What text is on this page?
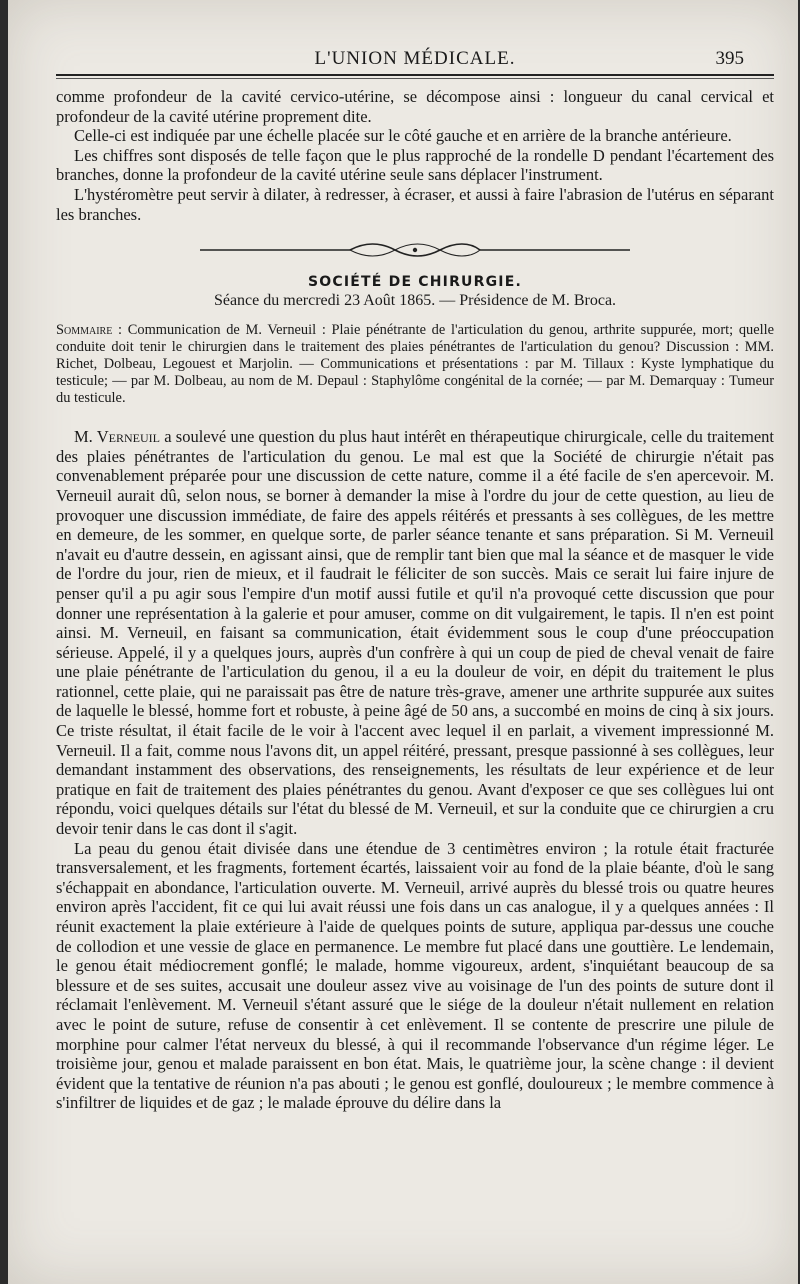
L'UNION MÉDICALE.	395

comme profondeur de la cavité cervico-utérine, se décompose ainsi : longueur du canal cervical et profondeur de la cavité utérine proprement dite.

Celle-ci est indiquée par une échelle placée sur le côté gauche et en arrière de la branche antérieure.

Les chiffres sont disposés de telle façon que le plus rapproché de la rondelle D pendant l'écartement des branches, donne la profondeur de la cavité utérine seule sans déplacer l'instrument.

L'hystéromètre peut servir à dilater, à redresser, à écraser, et aussi à faire l'abrasion de l'utérus en séparant les branches.

SOCIÉTÉ DE CHIRURGIE.

Séance du mercredi 23 Août 1865. — Présidence de M. Broca.

Sommaire : Communication de M. Verneuil : Plaie pénétrante de l'articulation du genou, arthrite suppurée, mort; quelle conduite doit tenir le chirurgien dans le traitement des plaies pénétrantes de l'articulation du genou? Discussion : MM. Richet, Dolbeau, Legouest et Marjolin. — Communications et présentations : par M. Tillaux : Kyste lymphatique du testicule; — par M. Dolbeau, au nom de M. Depaul : Staphylôme congénital de la cornée; — par M. Demarquay : Tumeur du testicule.

M. Verneuil a soulevé une question du plus haut intérêt en thérapeutique chirurgicale, celle du traitement des plaies pénétrantes de l'articulation du genou. Le mal est que la Société de chirurgie n'était pas convenablement préparée pour une discussion de cette nature, comme il a été facile de s'en apercevoir. M. Verneuil aurait dû, selon nous, se borner à demander la mise à l'ordre du jour de cette question, au lieu de provoquer une discussion immédiate, de faire des appels réitérés et pressants à ses collègues, de les mettre en demeure, de les sommer, en quelque sorte, de parler séance tenante et sans préparation. Si M. Verneuil n'avait eu d'autre dessein, en agissant ainsi, que de remplir tant bien que mal la séance et de masquer le vide de l'ordre du jour, rien de mieux, et il faudrait le féliciter de son succès. Mais ce serait lui faire injure de penser qu'il a pu agir sous l'empire d'un motif aussi futile et qu'il n'a provoqué cette discussion que pour donner une représentation à la galerie et pour amuser, comme on dit vulgairement, le tapis. Il n'en est point ainsi. M. Verneuil, en faisant sa communication, était évidemment sous le coup d'une préoccupation sérieuse. Appelé, il y a quelques jours, auprès d'un confrère à qui un coup de pied de cheval venait de faire une plaie pénétrante de l'articulation du genou, il a eu la douleur de voir, en dépit du traitement le plus rationnel, cette plaie, qui ne paraissait pas être de nature très-grave, amener une arthrite suppurée aux suites de laquelle le blessé, homme fort et robuste, à peine âgé de 50 ans, a succombé en moins de cinq à six jours. Ce triste résultat, il était facile de le voir à l'accent avec lequel il en parlait, a vivement impressionné M. Verneuil. Il a fait, comme nous l'avons dit, un appel réitéré, pressant, presque passionné à ses collègues, leur demandant instamment des observations, des renseignements, les résultats de leur expérience et de leur pratique en fait de traitement des plaies pénétrantes du genou. Avant d'exposer ce que ses collègues lui ont répondu, voici quelques détails sur l'état du blessé de M. Verneuil, et sur la conduite que ce chirurgien a cru devoir tenir dans le cas dont il s'agit.

La peau du genou était divisée dans une étendue de 3 centimètres environ ; la rotule était fracturée transversalement, et les fragments, fortement écartés, laissaient voir au fond de la plaie béante, d'où le sang s'échappait en abondance, l'articulation ouverte. M. Verneuil, arrivé auprès du blessé trois ou quatre heures environ après l'accident, fit ce qui lui avait réussi une fois dans un cas analogue, il y a quelques années : Il réunit exactement la plaie extérieure à l'aide de quelques points de suture, appliqua par-dessus une couche de collodion et une vessie de glace en permanence. Le membre fut placé dans une gouttière. Le lendemain, le genou était médiocrement gonflé; le malade, homme vigoureux, ardent, s'inquiétant beaucoup de sa blessure et de ses suites, accusait une douleur assez vive au voisinage de l'un des points de suture dont il réclamait l'enlèvement. M. Verneuil s'étant assuré que le siége de la douleur n'était nullement en relation avec le point de suture, refuse de consentir à cet enlèvement. Il se contente de prescrire une pilule de morphine pour calmer l'état nerveux du blessé, à qui il recommande l'observance d'un régime léger. Le troisième jour, genou et malade paraissent en bon état. Mais, le quatrième jour, la scène change : il devient évident que la tentative de réunion n'a pas abouti ; le genou est gonflé, douloureux ; le membre commence à s'infiltrer de liquides et de gaz ; le malade éprouve du délire dans la
